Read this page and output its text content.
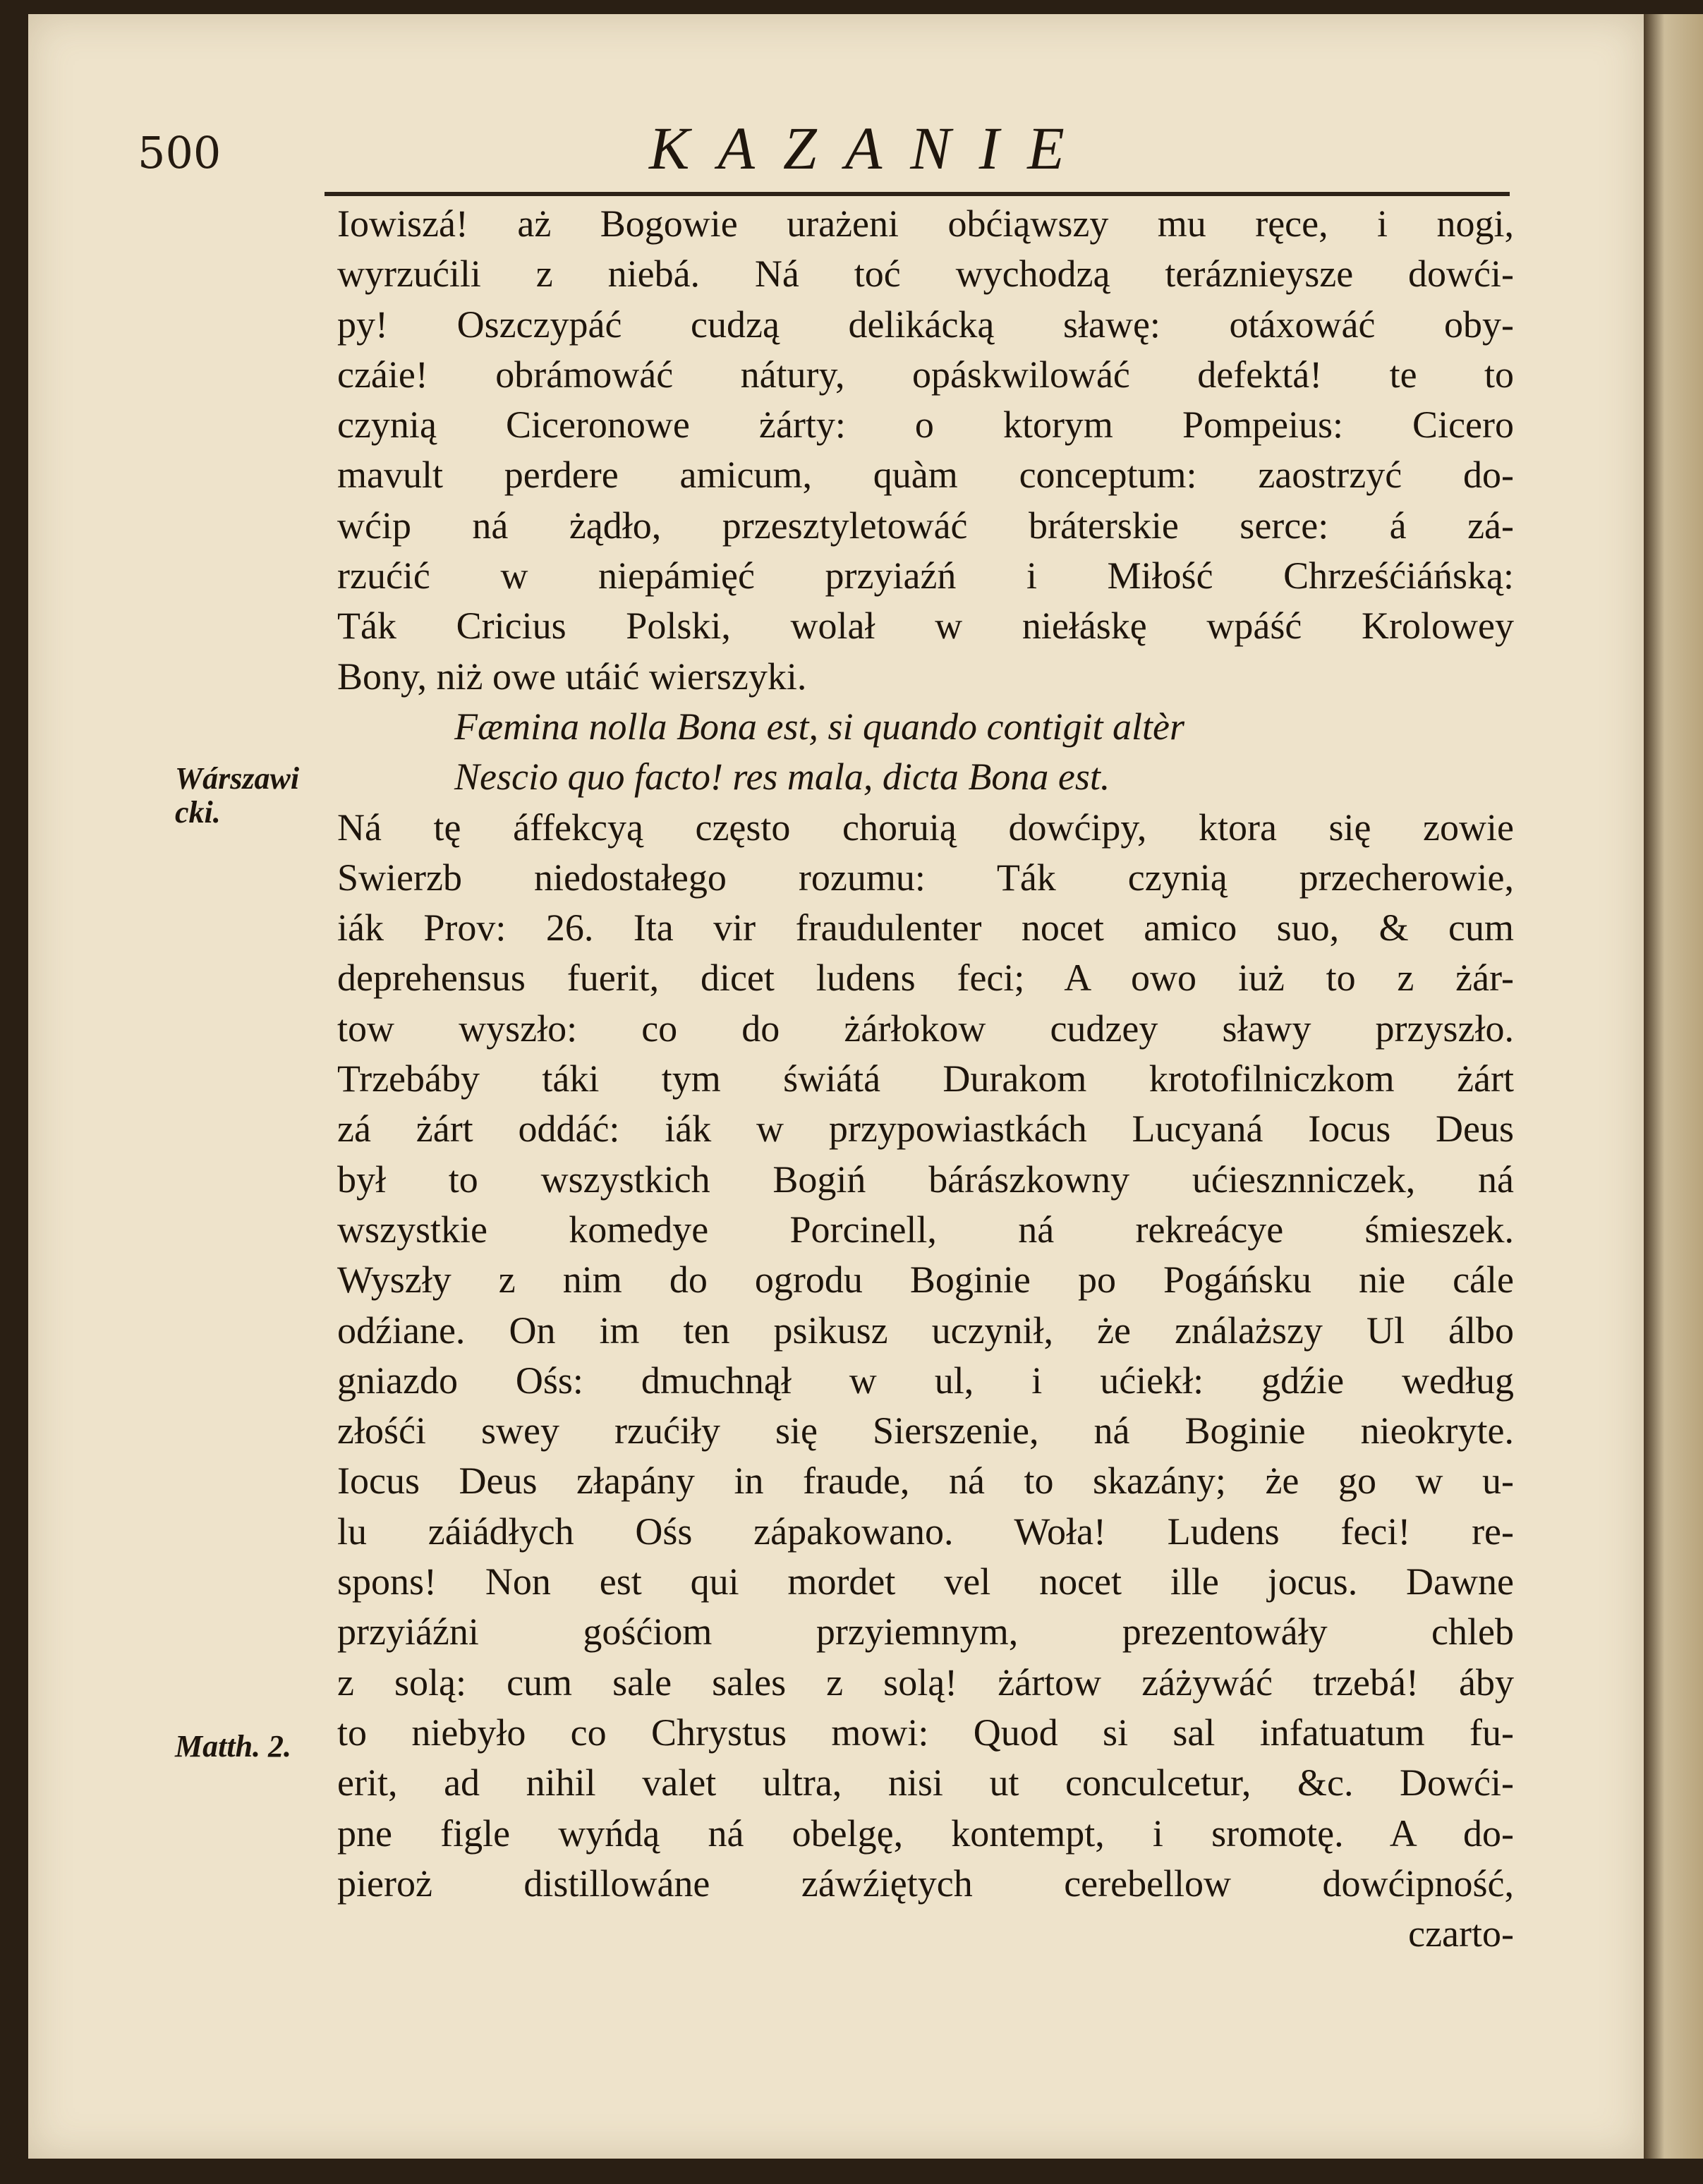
500	KAZANIE
Wárszawi cki.
Matth. 2.
Iowiszá! aż Bogowie urażeni obćiąwszy mu ręce, i nogi,
wyrzućili z niebá. Ná toć wychodzą teráznieysze dowći-
py! Oszczypáć cudzą delikácką sławę: otáxowáć oby-
czáie! obrámowáć nátury, opáskwilowáć defektá! te to
czynią Ciceronowe żárty: o ktorym Pompeius: Cicero
mavult perdere amicum, quàm conceptum: zaostrzyć do-
wćip ná żądło, przesztyletowáć bráterskie serce: á zá-
rzućić w niepámięć przyiaźń i Miłość Chrześćiáńską:
Ták Cricius Polski, wolał w niełáskę wpáść Krolowey
Bony, niż owe utáić wierszyki.
Fæmina nolla Bona est, si quando contigit altèr
Nescio quo facto! res mala, dicta Bona est.
Ná tę áffekcyą często choruią dowćipy, ktora się zowie
Swierzb niedostałego rozumu: Ták czynią przecherowie,
iák Prov: 26. Ita vir fraudulenter nocet amico suo, & cum
deprehensus fuerit, dicet ludens feci; A owo iuż to z żár-
tow wyszło: co do żárłokow cudzey sławy przyszło.
Trzebáby táki tym świátá Durakom krotofilniczkom żárt
zá żárt oddáć: iák w przypowiastkách Lucyaná Iocus Deus
był to wszystkich Bogiń bárászkowny ućiesznniczek, ná
wszystkie komedye Porcinell, ná rekreácye śmieszek.
Wyszły z nim do ogrodu Boginie po Pogáńsku nie cále
odźiane. On im ten psikusz uczynił, że ználaższy Ul álbo
gniazdo Ośs: dmuchnął w ul, i ućiekł: gdźie według
złośći swey rzućiły się Sierszenie, ná Boginie nieokryte.
Iocus Deus złapány in fraude, ná to skazány; że go w u-
lu záiádłych Ośs zápakowano. Woła! Ludens feci! re-
spons! Non est qui mordet vel nocet ille jocus. Dawne
przyiáźni gośćiom przyiemnym, prezentowáły chleb
z solą: cum sale sales z solą! żártow záżywáć trzebá! áby
to niebyło co Chrystus mowi: Quod si sal infatuatum fu-
erit, ad nihil valet ultra, nisi ut conculcetur, &c. Dowći-
pne figle wyńdą ná obelgę, kontempt, i sromotę. A do-
pieroż distillowáne záwźiętych cerebellow dowćipność,
czarto-
